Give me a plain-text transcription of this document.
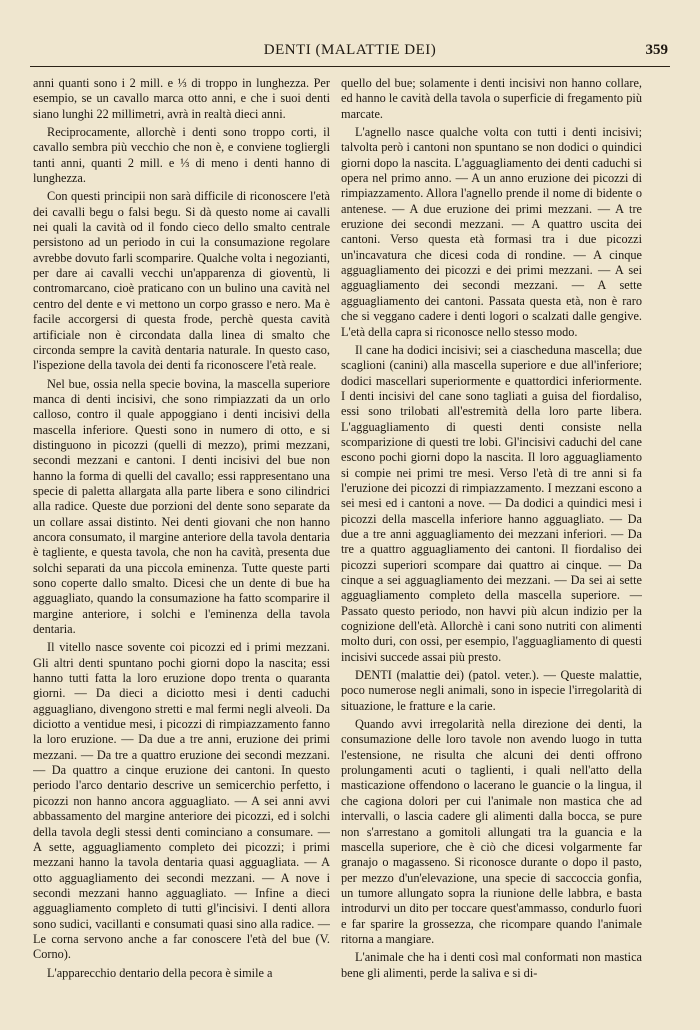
DENTI (MALATTIE DEI)	359

anni quanti sono i 2 mill. e ⅓ di troppo in lunghezza. Per esempio, se un cavallo marca otto anni, e che i suoi denti siano lunghi 22 millimetri, avrà in realtà dieci anni.

Reciprocamente, allorchè i denti sono troppo corti, il cavallo sembra più vecchio che non è, e conviene togliergli tanti anni, quanti 2 mill. e ⅓ di meno i denti hanno di lunghezza.

Con questi principii non sarà difficile di riconoscere l'età dei cavalli begu o falsi begu. Si dà questo nome ai cavalli nei quali la cavità od il fondo cieco dello smalto centrale persistono ad un periodo in cui la consumazione regolare avrebbe dovuto farli scomparire. Qualche volta i negozianti, per dare ai cavalli vecchi un'apparenza di gioventù, li contromarcano, cioè praticano con un bulino una cavità nel centro del dente e vi mettono un corpo grasso e nero. Ma è facile accorgersi di questa frode, perchè questa cavità artificiale non è circondata dalla linea di smalto che circonda sempre la cavità dentaria naturale. In questo caso, l'ispezione della tavola dei denti fa riconoscere l'età reale.

Nel bue, ossia nella specie bovina, la mascella superiore manca di denti incisivi, che sono rimpiazzati da un orlo calloso, contro il quale appoggiano i denti incisivi della mascella inferiore. Questi sono in numero di otto, e si distinguono in picozzi (quelli di mezzo), primi mezzani, secondi mezzani e cantoni. I denti incisivi del bue non hanno la forma di quelli del cavallo; essi rappresentano una specie di paletta allargata alla parte libera e sono cilindrici alla radice. Queste due porzioni del dente sono separate da un collare assai distinto. Nei denti giovani che non hanno ancora consumato, il margine anteriore della tavola dentaria è tagliente, e questa tavola, che non ha cavità, presenta due solchi separati da una piccola eminenza. Tutte queste parti sono coperte dallo smalto. Dicesi che un dente di bue ha agguagliato, quando la consumazione ha fatto scomparire il margine anteriore, i solchi e l'eminenza della tavola dentaria.

Il vitello nasce sovente coi picozzi ed i primi mezzani. Gli altri denti spuntano pochi giorni dopo la nascita; essi hanno tutti fatta la loro eruzione dopo trenta o quaranta giorni. — Da dieci a diciotto mesi i denti caduchi agguagliano, divengono stretti e mal fermi negli alveoli. Da diciotto a ventidue mesi, i picozzi di rimpiazzamento fanno la loro eruzione. — Da due a tre anni, eruzione dei primi mezzani. — Da tre a quattro eruzione dei secondi mezzani. — Da quattro a cinque eruzione dei cantoni. In questo periodo l'arco dentario descrive un semicerchio perfetto, i picozzi non hanno ancora agguagliato. — A sei anni avvi abbassamento del margine anteriore dei picozzi, ed i solchi della tavola degli stessi denti cominciano a consumare. — A sette, agguagliamento completo dei picozzi; i primi mezzani hanno la tavola dentaria quasi agguagliata. — A otto agguagliamento dei secondi mezzani. — A nove i secondi mezzani hanno agguagliato. — Infine a dieci agguagliamento completo di tutti gl'incisivi. I denti allora sono sudici, vacillanti e consumati quasi sino alla radice. — Le corna servono anche a far conoscere l'età del bue (V. Corno).

L'apparecchio dentario della pecora è simile a

quello del bue; solamente i denti incisivi non hanno collare, ed hanno le cavità della tavola o superficie di fregamento più marcate.

L'agnello nasce qualche volta con tutti i denti incisivi; talvolta però i cantoni non spuntano se non dodici o quindici giorni dopo la nascita. L'agguagliamento dei denti caduchi si opera nel primo anno. — A un anno eruzione dei picozzi di rimpiazzamento. Allora l'agnello prende il nome di bidente o antenese. — A due eruzione dei primi mezzani. — A tre eruzione dei secondi mezzani. — A quattro uscita dei cantoni. Verso questa età formasi tra i due picozzi un'incavatura che dicesi coda di rondine. — A cinque agguagliamento dei picozzi e dei primi mezzani. — A sei agguagliamento dei secondi mezzani. — A sette agguagliamento dei cantoni. Passata questa età, non è raro che si veggano cadere i denti logori o scalzati dalle gengive. L'età della capra si riconosce nello stesso modo.

Il cane ha dodici incisivi; sei a ciascheduna mascella; due scaglioni (canini) alla mascella superiore e due all'inferiore; dodici mascellari superiormente e quattordici inferiormente. I denti incisivi del cane sono tagliati a guisa del fiordaliso, essi sono trilobati all'estremità della loro parte libera. L'agguagliamento di questi denti consiste nella scomparizione di questi tre lobi. Gl'incisivi caduchi del cane escono pochi giorni dopo la nascita. Il loro agguagliamento si compie nei primi tre mesi. Verso l'età di tre anni si fa l'eruzione dei picozzi di rimpiazzamento. I mezzani escono a sei mesi ed i cantoni a nove. — Da dodici a quindici mesi i picozzi della mascella inferiore hanno agguagliato. — Da due a tre anni agguagliamento dei mezzani inferiori. — Da tre a quattro agguagliamento dei cantoni. Il fiordaliso dei picozzi superiori scompare dai quattro ai cinque. — Da cinque a sei agguagliamento dei mezzani. — Da sei ai sette agguagliamento completo della mascella superiore. — Passato questo periodo, non havvi più alcun indizio per la cognizione dell'età. Allorchè i cani sono nutriti con alimenti molto duri, con ossi, per esempio, l'agguagliamento di questi incisivi succede assai più presto.

DENTI (malattie dei) (patol. veter.). — Queste malattie, poco numerose negli animali, sono in ispecie l'irregolarità di situazione, le fratture e la carie.

Quando avvi irregolarità nella direzione dei denti, la consumazione delle loro tavole non avendo luogo in tutta l'estensione, ne risulta che alcuni dei denti offrono prolungamenti acuti o taglienti, i quali nell'atto della masticazione offendono o lacerano le guancie o la lingua, il che cagiona dolori per cui l'animale non mastica che ad intervalli, o lascia cadere gli alimenti dalla bocca, se pure non s'arrestano a gomitoli allungati tra la guancia e la mascella superiore, che è ciò che dicesi volgarmente far granajo o magasseno. Si riconosce durante o dopo il pasto, per mezzo d'un'elevazione, una specie di saccoccia gonfia, un tumore allungato sopra la riunione delle labbra, e basta introdurvi un dito per toccare quest'ammasso, condurlo fuori e far sparire la grossezza, che ricompare quando l'animale ritorna a mangiare.

L'animale che ha i denti così mal conformati non mastica bene gli alimenti, perde la saliva e si di-
